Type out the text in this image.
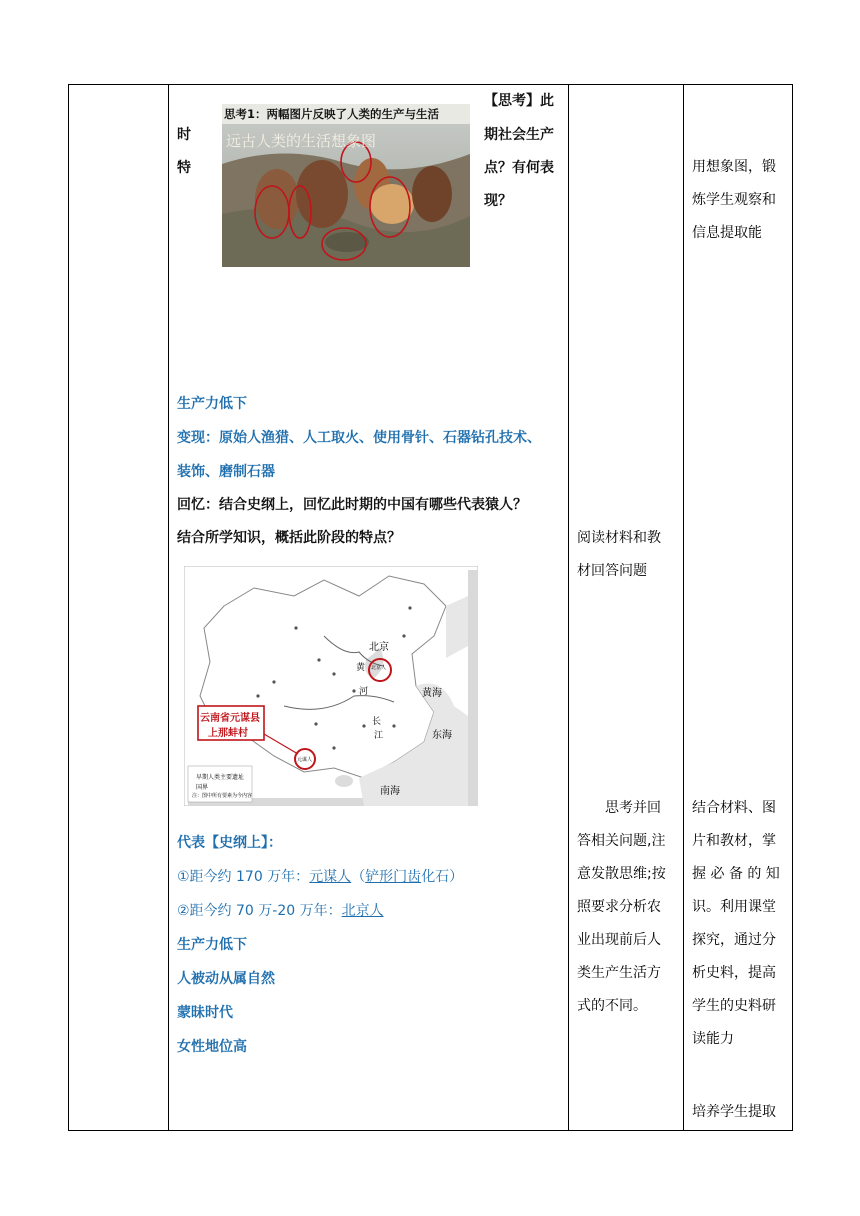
时
特
【思考】此
期社会生产
点？有何表
现？
思考1：两幅图片反映了人类的生产与生活
远古人类的生活想象图
生产力低下
变现：原始人渔猎、人工取火、使用骨针、石器钻孔技术、
装饰、磨制石器
回忆：结合史纲上，回忆此时期的中国有哪些代表猿人？
结合所学知识，概括此阶段的特点？
云南省元谋县
上那蚌村
北京
北京人
黄
河
长
江
黄海
东海
南海
元谋人
早期人类主要遗址
国界
注：图中所有要素为今内容
代表【史纲上】：
①距今约 170 万年：元谋人（铲形门齿化石）
②距今约 70 万-20 万年：北京人
生产力低下
人被动从属自然
蒙昧时代
女性地位高
阅读材料和教
材回答问题
思考并回
答相关问题,注
意发散思维;按
照要求分析农
业出现前后人
类生产生活方
式的不同。
用想象图，锻
炼学生观察和
信息提取能
结合材料、图
片和教材，掌
握 必 备 的 知
识。利用课堂
探究，通过分
析史料，提高
学生的史料研
读能力
培养学生提取
